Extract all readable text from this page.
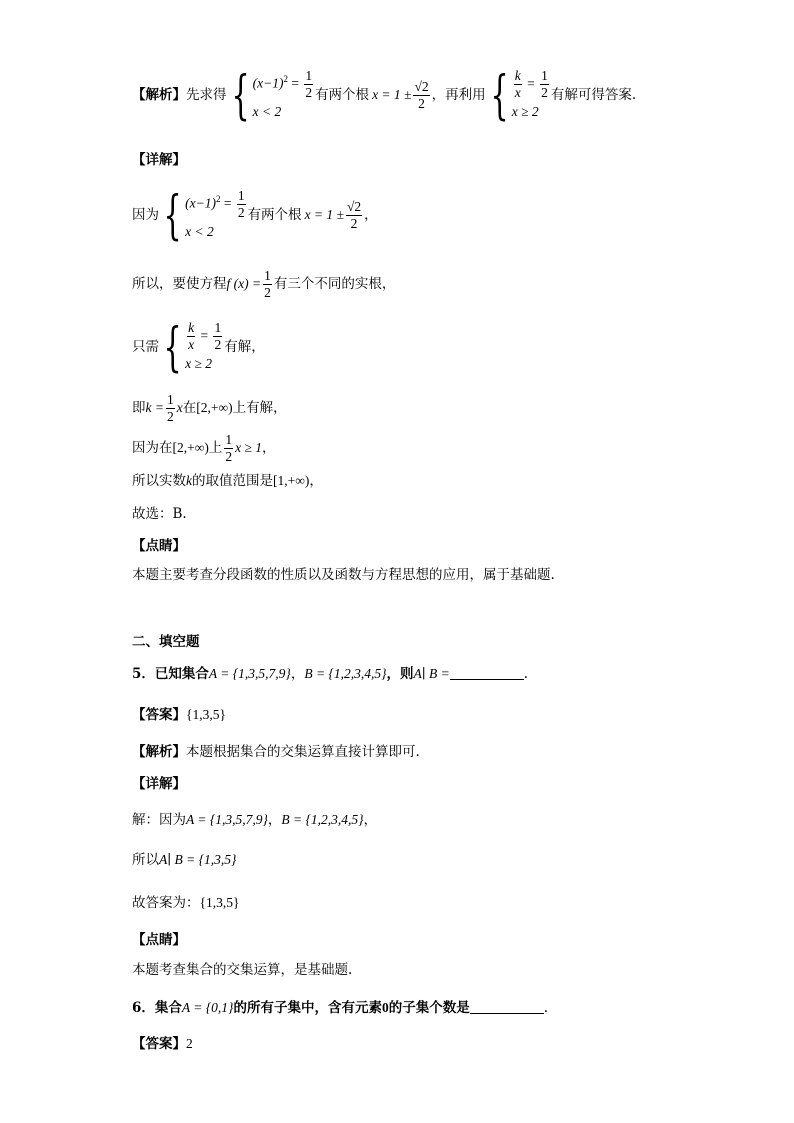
【解析】先求得{ $(x-1)^2 = \frac{1}{2}$
x < 2
有两个根 $x = 1 \pm \frac{√2}{2}$ ，再利用{ $\frac{k}{x} = \frac{1}{2}$
x ≥ 2
有解可得答案.
【详解】
因为{ $(x-1)^2 = \frac{1}{2}$
x < 2
有两个根 $x = 1 \pm \frac{√2}{2}$ ，
所以，要使方程f $(x) = \frac{1}{2}$ 有三个不同的实根，
只需{ $\frac{k}{x} = \frac{1}{2}$
x ≥ 2
有解，
即$k = \frac{1}{2}$ x在[2,+∞)上有解，
因为在[2,+∞)上 $\frac{1}{2}$ x ≥ 1，
所以实数k的取值范围是[1,+∞)，
故选：B.
【点睛】
本题主要考查分段函数的性质以及函数与方程思想的应用，属于基础题.
二、填空题
5．已知集合A = {1,3,5,7,9}，B = {1,2,3,4,5}，则A∣ B =	.
【答案】{1,3,5}
【解析】本题根据集合的交集运算直接计算即可.
【详解】
解：因为A = {1,3,5,7,9}，B = {1,2,3,4,5}，
所以A∣ B = {1,3,5}
故答案为：{1,3,5}
【点睛】
本题考查集合的交集运算，是基础题.
6．集合A = {0,1}的所有子集中，含有元素0的子集个数是	.
【答案】2
